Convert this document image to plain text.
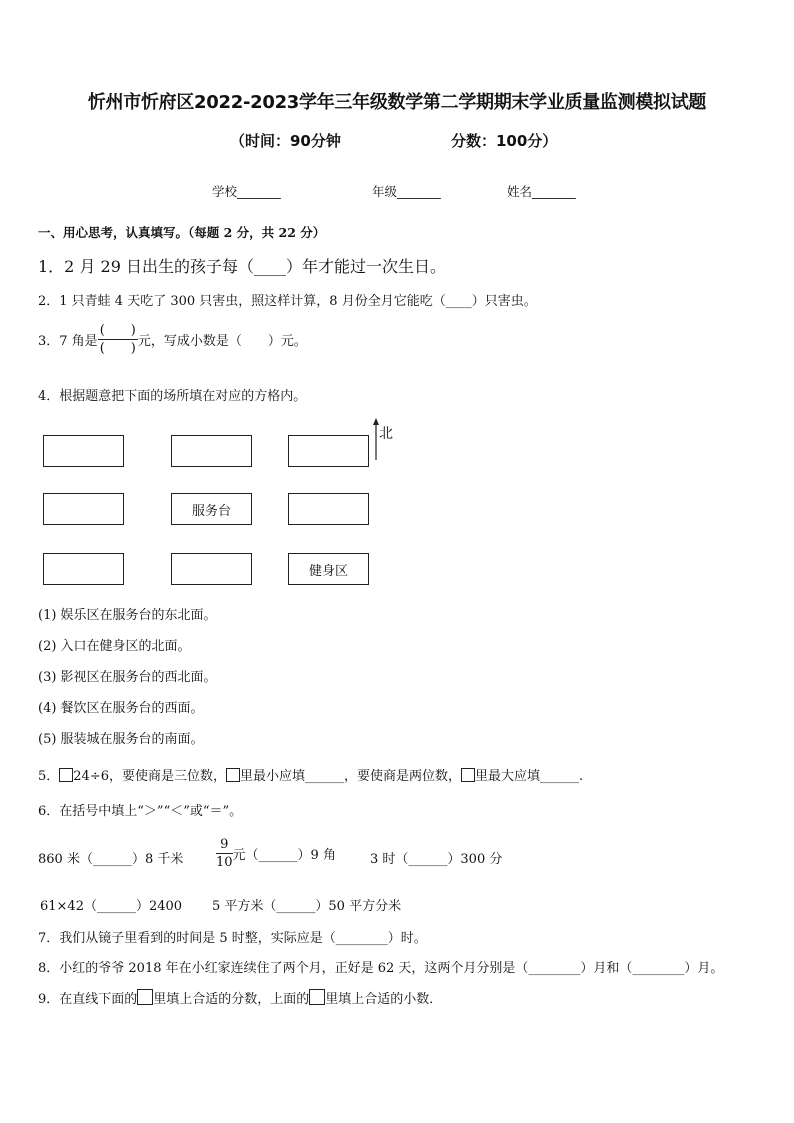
忻州市忻府区2022-2023学年三年级数学第二学期期末学业质量监测模拟试题
（时间：90分钟	分数：100分）
学校_______	年级_______	姓名_______
一、用心思考，认真填写。（每题 2 分，共 22 分）
1．2 月 29 日出生的孩子每（____）年才能过一次生日。
2．1 只青蛙 4 天吃了 300 只害虫，照这样计算，8 月份全月它能吃（____）只害虫。
3．7 角是 $\frac{( )}{( )}$ 元，写成小数是（　　）元。
4．根据题意把下面的场所填在对应的方格内。
服务台
健身区
北
(1) 娱乐区在服务台的东北面。
(2) 入口在健身区的北面。
(3) 影视区在服务台的西北面。
(4) 餐饮区在服务台的西面。
(5) 服装城在服务台的南面。
5． 24÷6，要使商是三位数， 里最小应填______，要使商是两位数， 里最大应填______.
6．在括号中填上“＞”“＜”或“＝”。
860 米（______）8 千米	$\frac{9}{10}$ 元（______）9 角	3 时（______）300 分
61×42（______）2400 5 平方米（______）50 平方分米
7．我们从镜子里看到的时间是 5 时整，实际应是（________）时。
8．小红的爷爷 2018 年在小红家连续住了两个月，正好是 62 天，这两个月分别是（________）月和（________）月。
9．在直线下面的 里填上合适的分数，上面的 里填上合适的小数．
